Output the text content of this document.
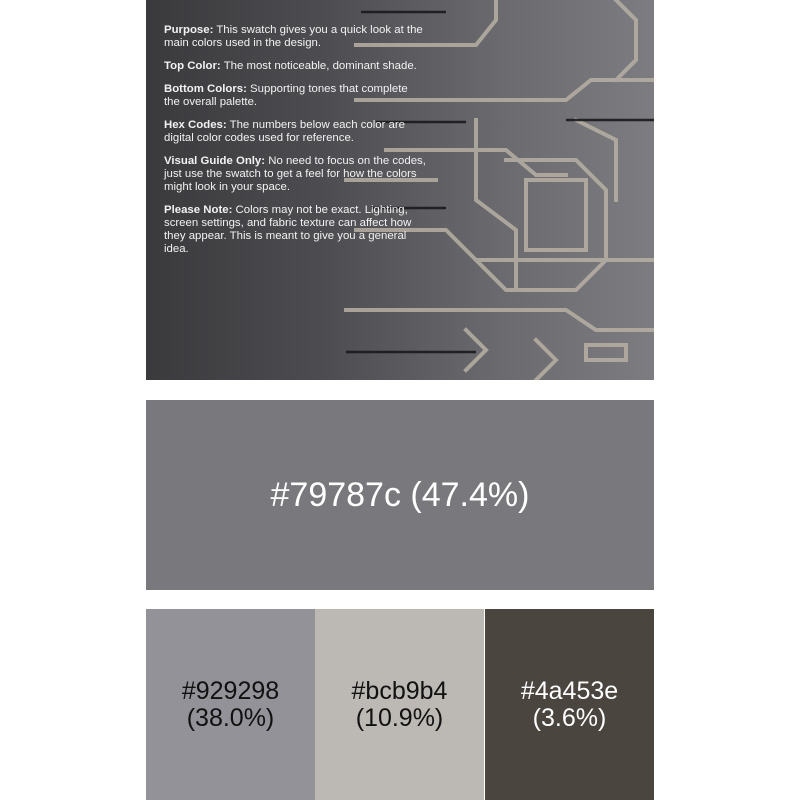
Purpose: This swatch gives you a quick look at the main colors used in the design.

Top Color: The most noticeable, dominant shade.

Bottom Colors: Supporting tones that complete the overall palette.

Hex Codes: The numbers below each color are digital color codes used for reference.

Visual Guide Only: No need to focus on the codes, just use the swatch to get a feel for how the colors might look in your space.

Please Note: Colors may not be exact. Lighting, screen settings, and fabric texture can affect how they appear. This is meant to give you a general idea.

#79787c (47.4%)
#929298
(38.0%)
#bcb9b4
(10.9%)
#4a453e
(3.6%)
